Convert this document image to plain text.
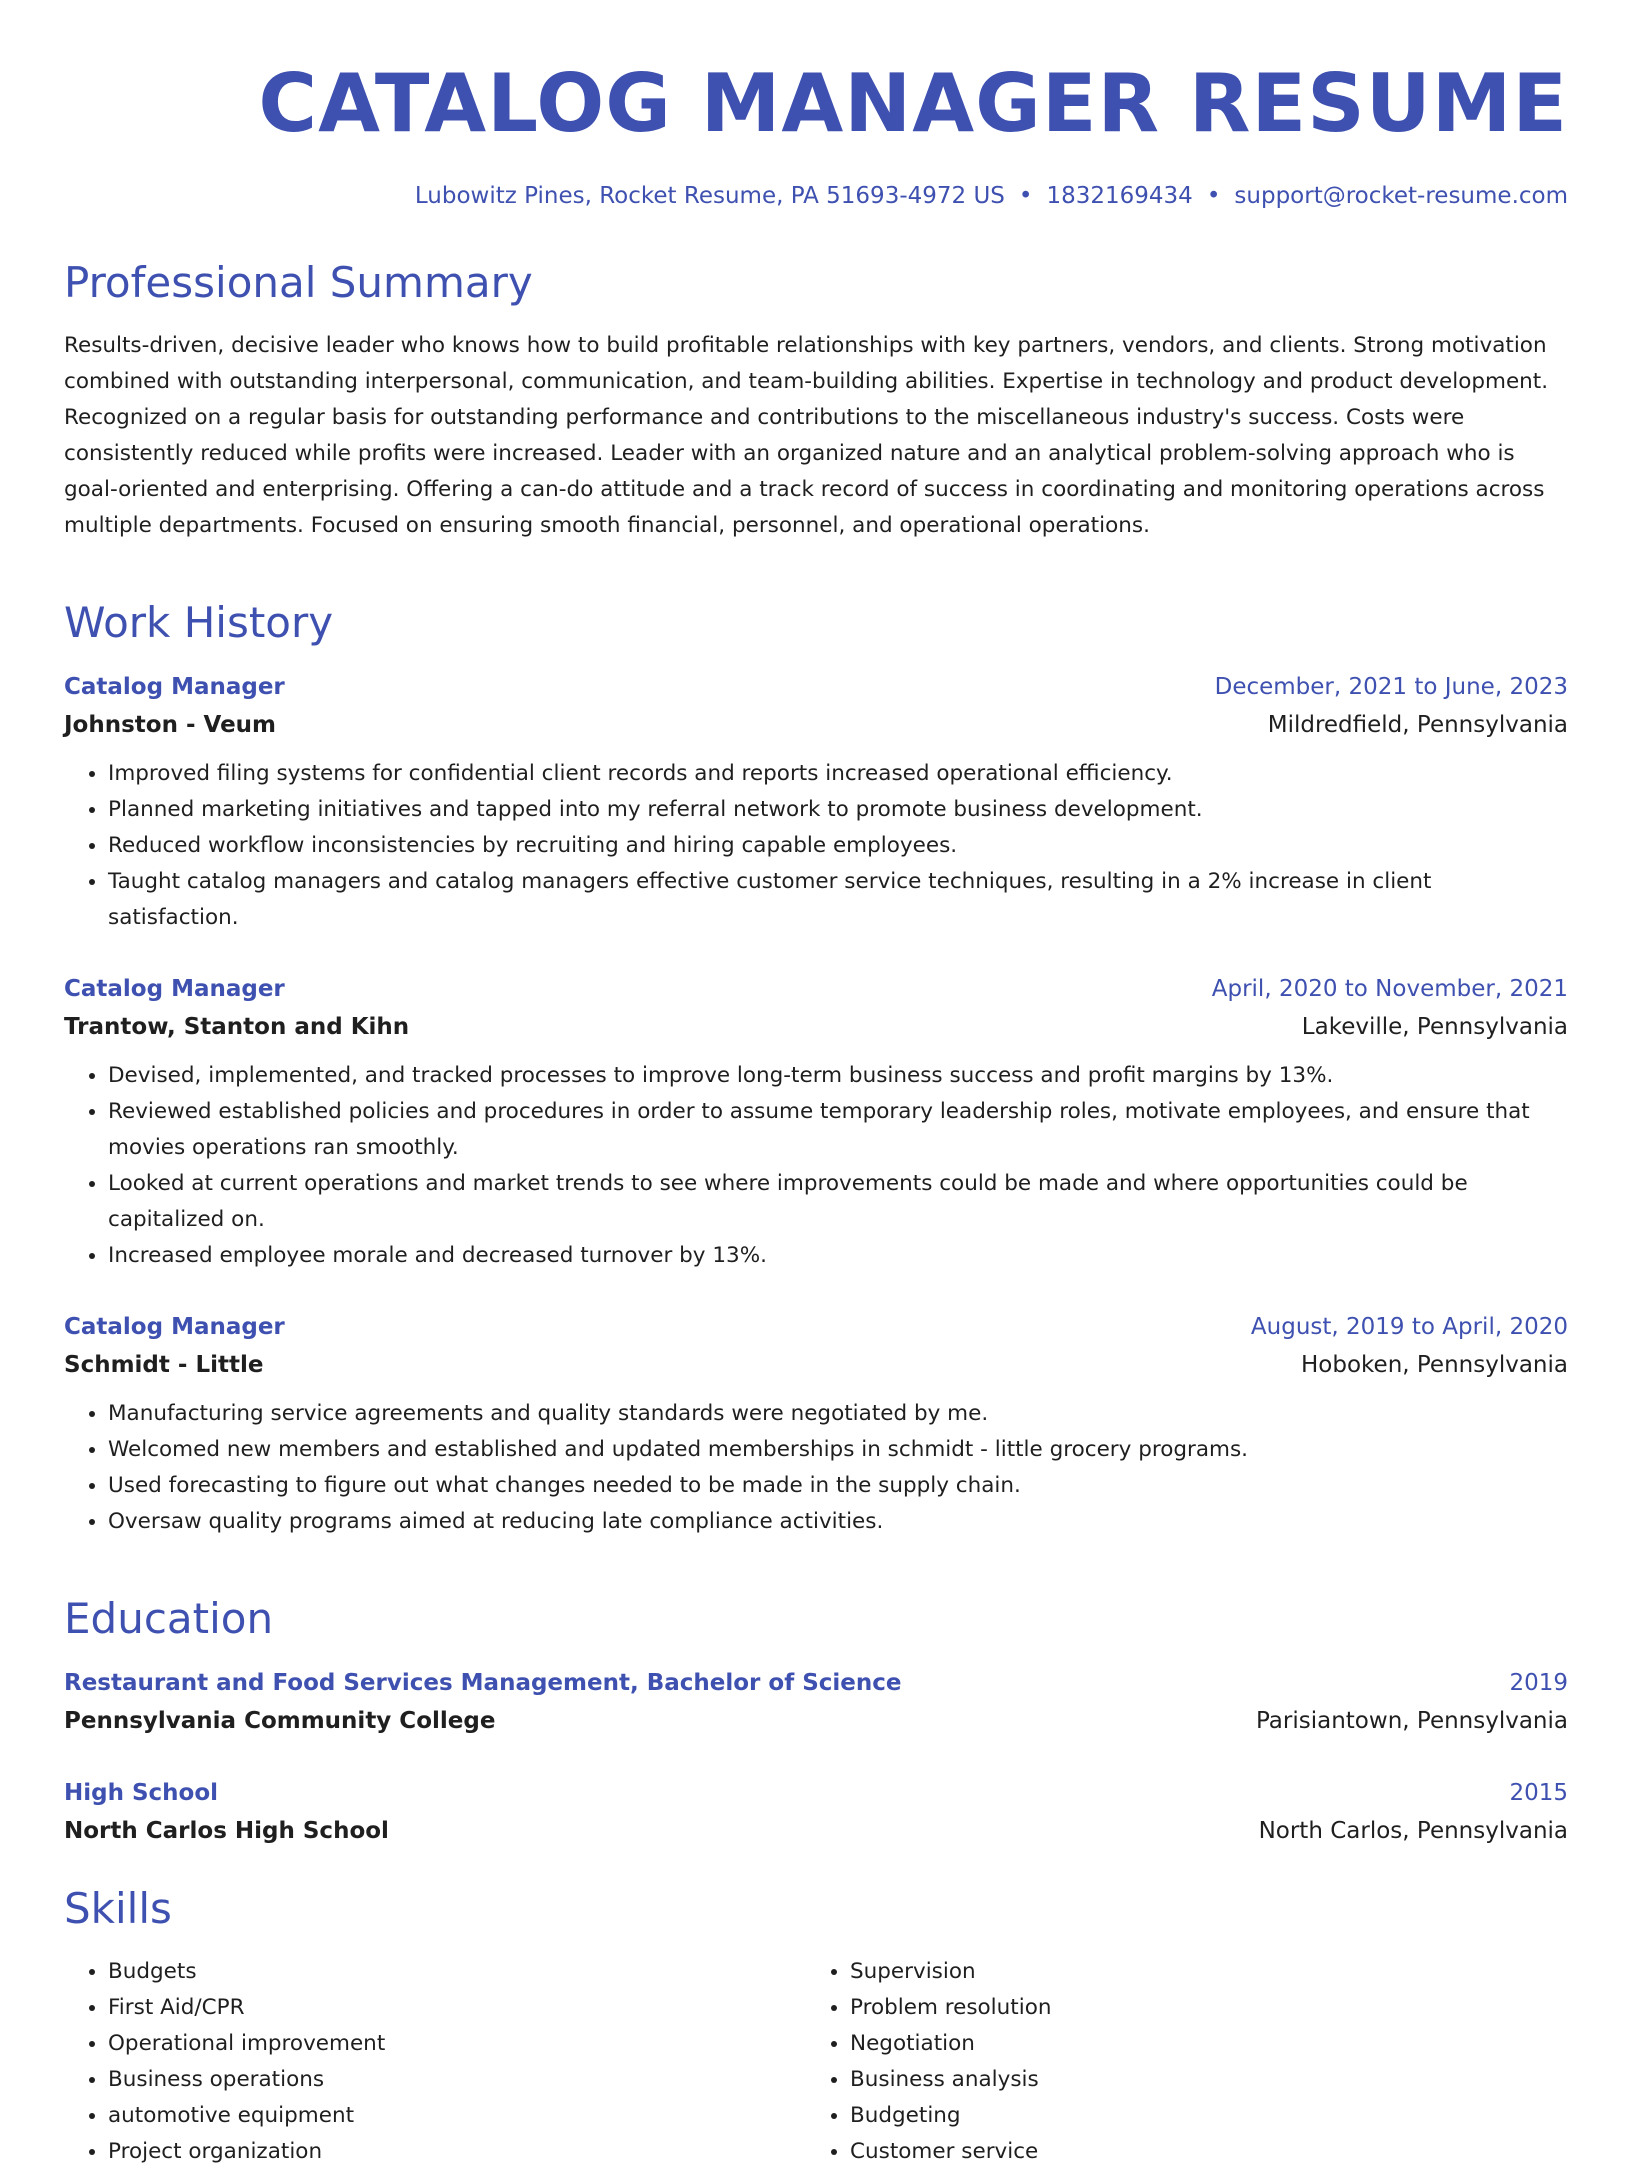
CATALOG MANAGER RESUME
Lubowitz Pines, Rocket Resume, PA 51693-4972 US • 1832169434 • support@rocket-resume.com
Professional Summary

Results-driven, decisive leader who knows how to build profitable relationships with key partners, vendors, and clients. Strong motivation combined with outstanding interpersonal, communication, and team-building abilities. Expertise in technology and product development. Recognized on a regular basis for outstanding performance and contributions to the miscellaneous industry's success. Costs were consistently reduced while profits were increased. Leader with an organized nature and an analytical problem-solving approach who is goal-oriented and enterprising. Offering a can-do attitude and a track record of success in coordinating and monitoring operations across multiple departments. Focused on ensuring smooth financial, personnel, and operational operations.

Work History
Catalog Manager	December, 2021 to June, 2023
Johnston - Veum	Mildredfield, Pennsylvania
• Improved filing systems for confidential client records and reports increased operational efficiency.
• Planned marketing initiatives and tapped into my referral network to promote business development.
• Reduced workflow inconsistencies by recruiting and hiring capable employees.
• Taught catalog managers and catalog managers effective customer service techniques, resulting in a 2% increase in client satisfaction.
Catalog Manager	April, 2020 to November, 2021
Trantow, Stanton and Kihn	Lakeville, Pennsylvania
• Devised, implemented, and tracked processes to improve long-term business success and profit margins by 13%.
• Reviewed established policies and procedures in order to assume temporary leadership roles, motivate employees, and ensure that movies operations ran smoothly.
• Looked at current operations and market trends to see where improvements could be made and where opportunities could be capitalized on.
• Increased employee morale and decreased turnover by 13%.
Catalog Manager	August, 2019 to April, 2020
Schmidt - Little	Hoboken, Pennsylvania
• Manufacturing service agreements and quality standards were negotiated by me.
• Welcomed new members and established and updated memberships in schmidt - little grocery programs.
• Used forecasting to figure out what changes needed to be made in the supply chain.
• Oversaw quality programs aimed at reducing late compliance activities.
Education
Restaurant and Food Services Management, Bachelor of Science	2019
Pennsylvania Community College	Parisiantown, Pennsylvania
High School	2015
North Carlos High School	North Carlos, Pennsylvania
Skills
• Budgets
• First Aid/CPR
• Operational improvement
• Business operations
• automotive equipment
• Project organization
• Supervision
• Problem resolution
• Negotiation
• Business analysis
• Budgeting
• Customer service
